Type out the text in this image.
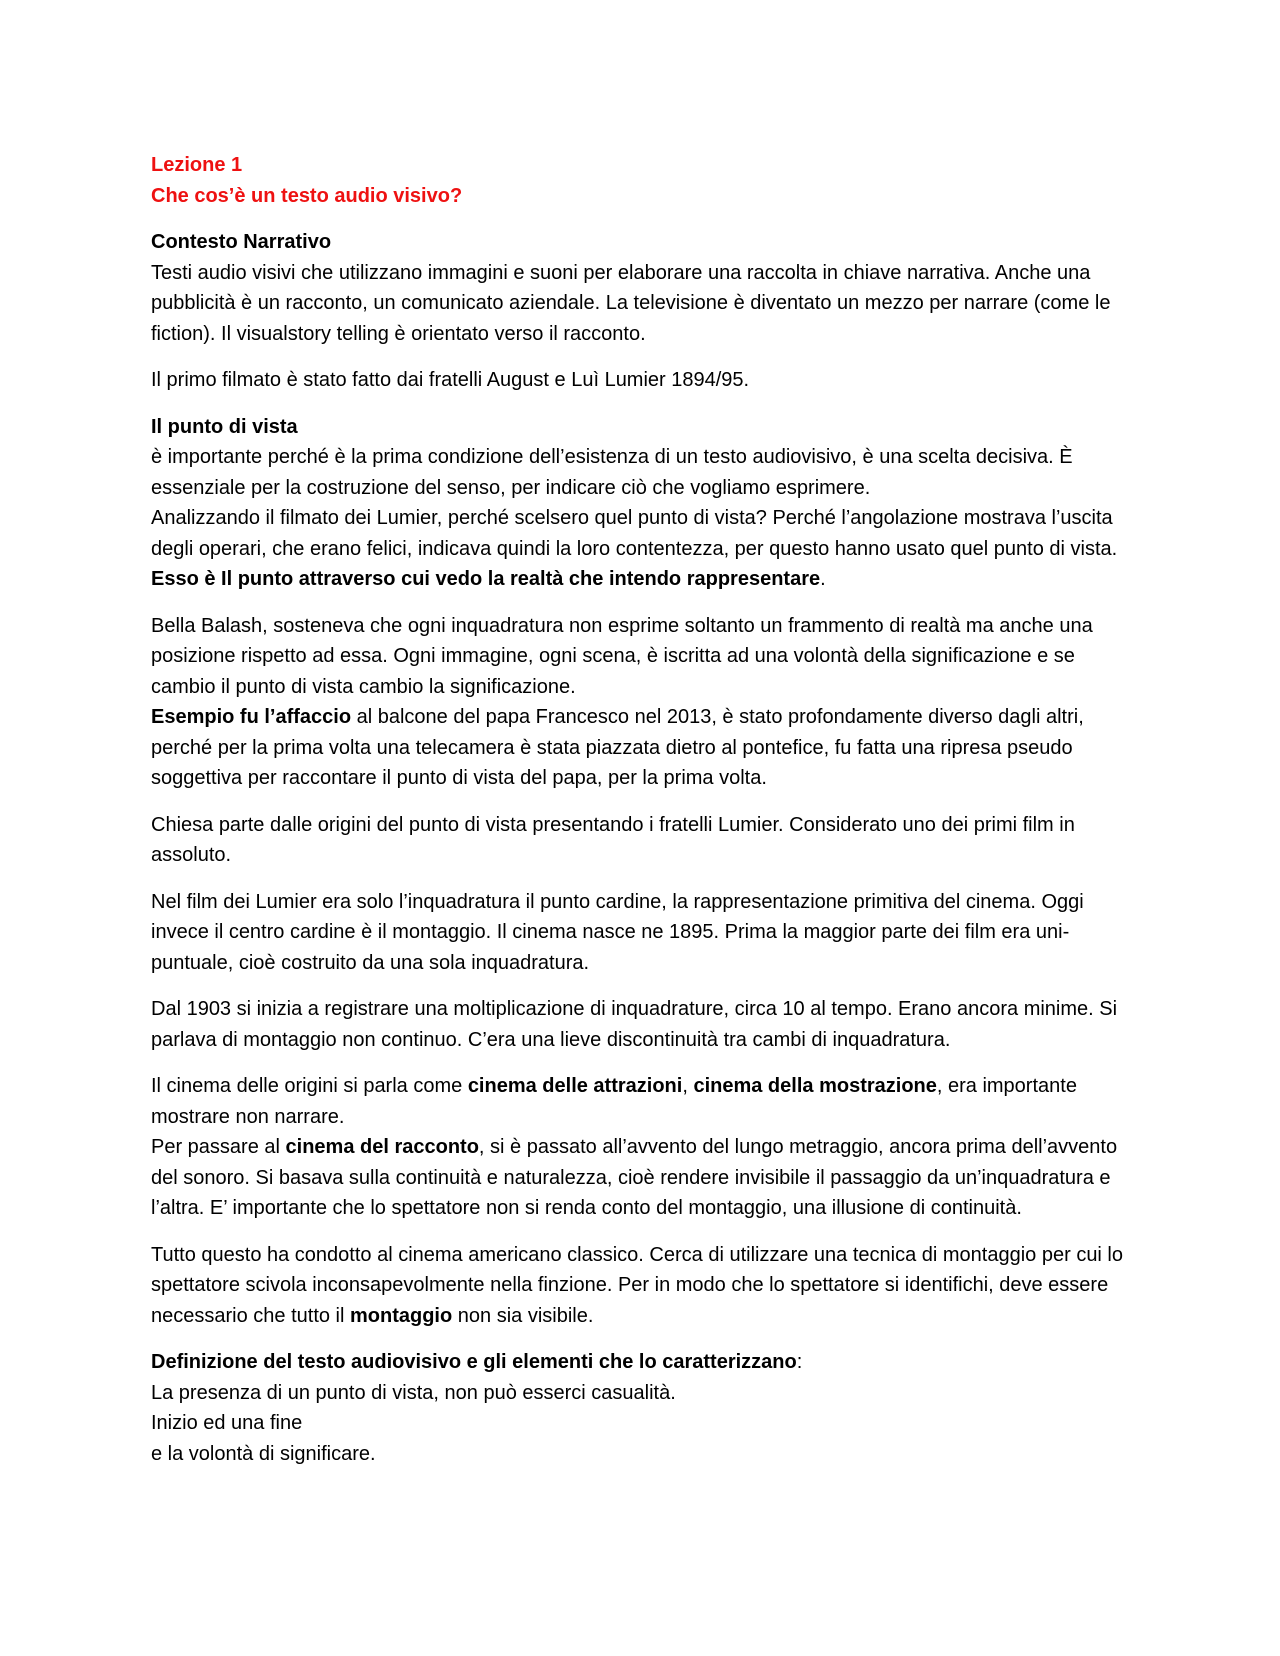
Lezione 1
Che cos’è un testo audio visivo?
Contesto Narrativo
Testi audio visivi che utilizzano immagini e suoni per elaborare una raccolta in chiave narrativa. Anche una pubblicità è un racconto, un comunicato aziendale. La televisione è diventato un mezzo per narrare (come le fiction). Il visualstory telling è orientato verso il racconto.
Il primo filmato è stato fatto dai fratelli August e Luì Lumier 1894/95.
Il punto di vista
è importante perché è la prima condizione dell’esistenza di un testo audiovisivo, è una scelta decisiva. È essenziale per la costruzione del senso, per indicare ciò che vogliamo esprimere.
Analizzando il filmato dei Lumier, perché scelsero quel punto di vista? Perché l’angolazione mostrava l’uscita degli operari, che erano felici, indicava quindi la loro contentezza, per questo hanno usato quel punto di vista. Esso è Il punto attraverso cui vedo la realtà che intendo rappresentare.
Bella Balash, sosteneva che ogni inquadratura non esprime soltanto un frammento di realtà ma anche una posizione rispetto ad essa. Ogni immagine, ogni scena, è iscritta ad una volontà della significazione e se cambio il punto di vista cambio la significazione.
Esempio fu l’affaccio al balcone del papa Francesco nel 2013, è stato profondamente diverso dagli altri, perché per la prima volta una telecamera è stata piazzata dietro al pontefice, fu fatta una ripresa pseudo soggettiva per raccontare il punto di vista del papa, per la prima volta.
Chiesa parte dalle origini del punto di vista presentando i fratelli Lumier. Considerato uno dei primi film in assoluto.
Nel film dei Lumier era solo l’inquadratura il punto cardine, la rappresentazione primitiva del cinema. Oggi invece il centro cardine è il montaggio. Il cinema nasce ne 1895. Prima la maggior parte dei film era uni-puntuale, cioè costruito da una sola inquadratura.
Dal 1903 si inizia a registrare una moltiplicazione di inquadrature, circa 10 al tempo. Erano ancora minime. Si parlava di montaggio non continuo. C’era una lieve discontinuità tra cambi di inquadratura.
Il cinema delle origini si parla come cinema delle attrazioni, cinema della mostrazione, era importante mostrare non narrare.
Per passare al cinema del racconto, si è passato all’avvento del lungo metraggio, ancora prima dell’avvento del sonoro. Si basava sulla continuità e naturalezza, cioè rendere invisibile il passaggio da un’inquadratura e l’altra. E’ importante che lo spettatore non si renda conto del montaggio, una illusione di continuità.
Tutto questo ha condotto al cinema americano classico. Cerca di utilizzare una tecnica di montaggio per cui lo spettatore scivola inconsapevolmente nella finzione. Per in modo che lo spettatore si identifichi, deve essere necessario che tutto il montaggio non sia visibile.
Definizione del testo audiovisivo e gli elementi che lo caratterizzano:
La presenza di un punto di vista, non può esserci casualità.
Inizio ed una fine
e la volontà di significare.
